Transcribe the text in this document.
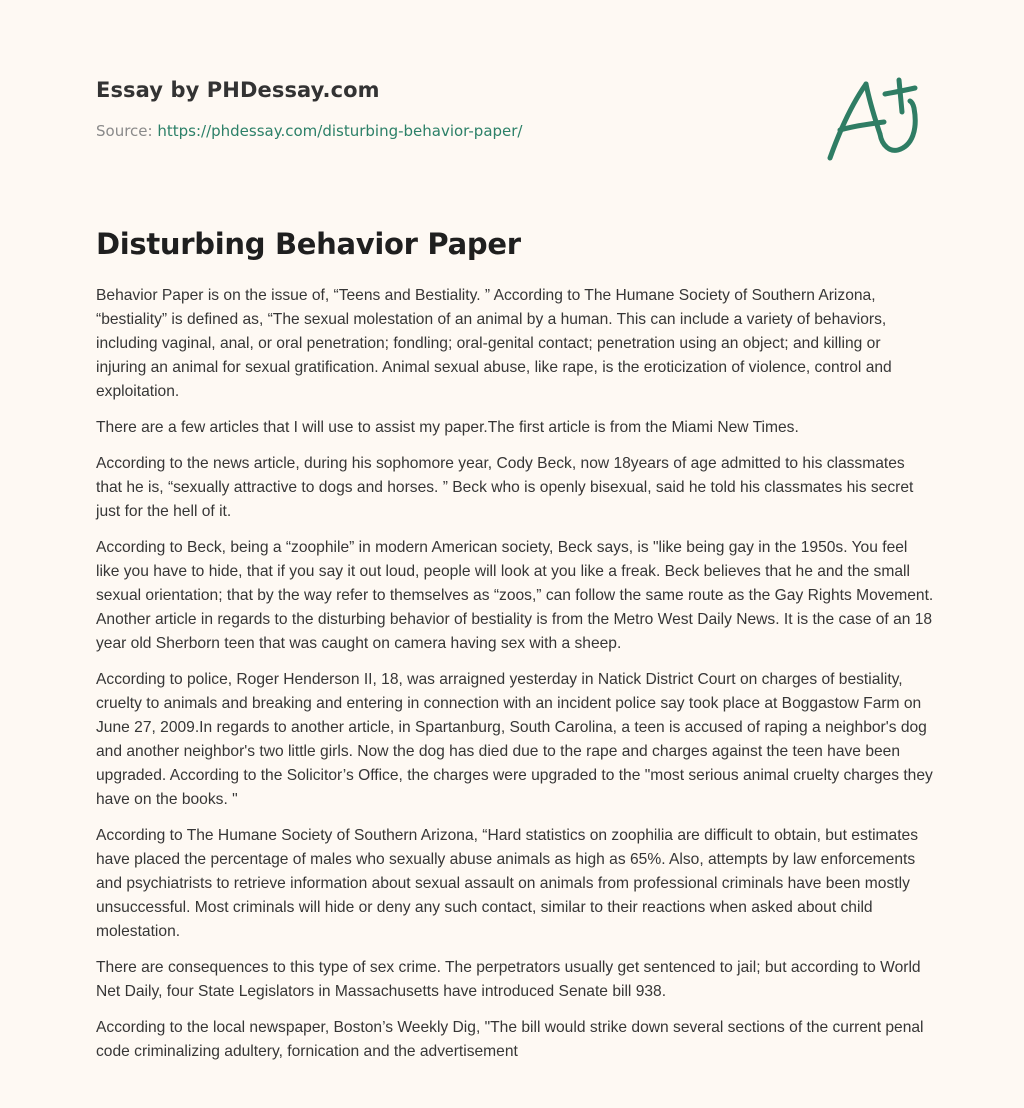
Essay by PHDessay.com
Source: https://phdessay.com/disturbing-behavior-paper/
Disturbing Behavior Paper

Behavior Paper is on the issue of, “Teens and Bestiality. ” According to The Humane Society of Southern Arizona, “bestiality” is defined as, “The sexual molestation of an animal by a human. This can include a variety of behaviors, including vaginal, anal, or oral penetration; fondling; oral-genital contact; penetration using an object; and killing or injuring an animal for sexual gratification. Animal sexual abuse, like rape, is the eroticization of violence, control and exploitation.

There are a few articles that I will use to assist my paper.The first article is from the Miami New Times.

According to the news article, during his sophomore year, Cody Beck, now 18years of age admitted to his classmates that he is, “sexually attractive to dogs and horses. ” Beck who is openly bisexual, said he told his classmates his secret just for the hell of it.

According to Beck, being a “zoophile” in modern American society, Beck says, is "like being gay in the 1950s. You feel like you have to hide, that if you say it out loud, people will look at you like a freak. Beck believes that he and the small sexual orientation; that by the way refer to themselves as “zoos,” can follow the same route as the Gay Rights Movement. Another article in regards to the disturbing behavior of bestiality is from the Metro West Daily News. It is the case of an 18 year old Sherborn teen that was caught on camera having sex with a sheep.

According to police, Roger Henderson II, 18, was arraigned yesterday in Natick District Court on charges of bestiality, cruelty to animals and breaking and entering in connection with an incident police say took place at Boggastow Farm on June 27, 2009.In regards to another article, in Spartanburg, South Carolina, a teen is accused of raping a neighbor's dog and another neighbor's two little girls. Now the dog has died due to the rape and charges against the teen have been upgraded. According to the Solicitor’s Office, the charges were upgraded to the "most serious animal cruelty charges they have on the books. "

According to The Humane Society of Southern Arizona, “Hard statistics on zoophilia are difficult to obtain, but estimates have placed the percentage of males who sexually abuse animals as high as 65%. Also, attempts by law enforcements and psychiatrists to retrieve information about sexual assault on animals from professional criminals have been mostly unsuccessful. Most criminals will hide or deny any such contact, similar to their reactions when asked about child molestation.

There are consequences to this type of sex crime. The perpetrators usually get sentenced to jail; but according to World Net Daily, four State Legislators in Massachusetts have introduced Senate bill 938.

According to the local newspaper, Boston’s Weekly Dig, "The bill would strike down several sections of the current penal code criminalizing adultery, fornication and the advertisement
